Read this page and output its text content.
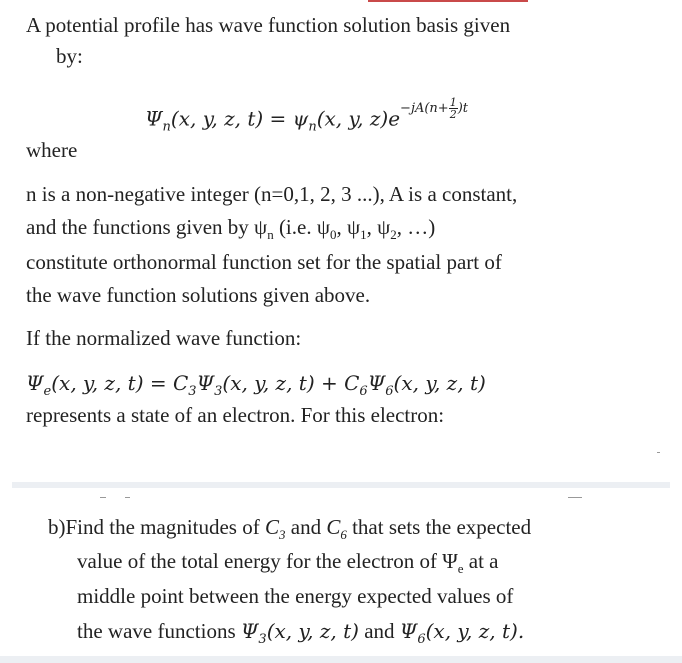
A potential profile has wave function solution basis given
by:
$\Psi_n(x$, y, z, $t) = \psi_n(x$, y, $z)e^{-jA(n+ \frac{1}{2} )t}$
where
n is a non-negative integer (n=0,1, 2, 3 ...), A is a constant,
and the functions given by $\psi_n$ (i.e. $\psi_0$, $\psi_1$, $\psi_2$, …)
constitute orthonormal function set for the spatial part of
the wave function solutions given above.
If the normalized wave function:
$\Psi_e(x$, y, z, $t) = C_3\Psi_3(x$, y, z, $t) + C_6\Psi_6(x$, y, z, t)
represents a state of an electron. For this electron:
b)Find the magnitudes of $C_3$ and $C_6$ that sets the expected
value of the total energy for the electron of $\Psi_e$ at a
middle point between the energy expected values of
the wave functions $\Psi_3(x$, y, z, t) and $\Psi_6(x$, y, z, t).
